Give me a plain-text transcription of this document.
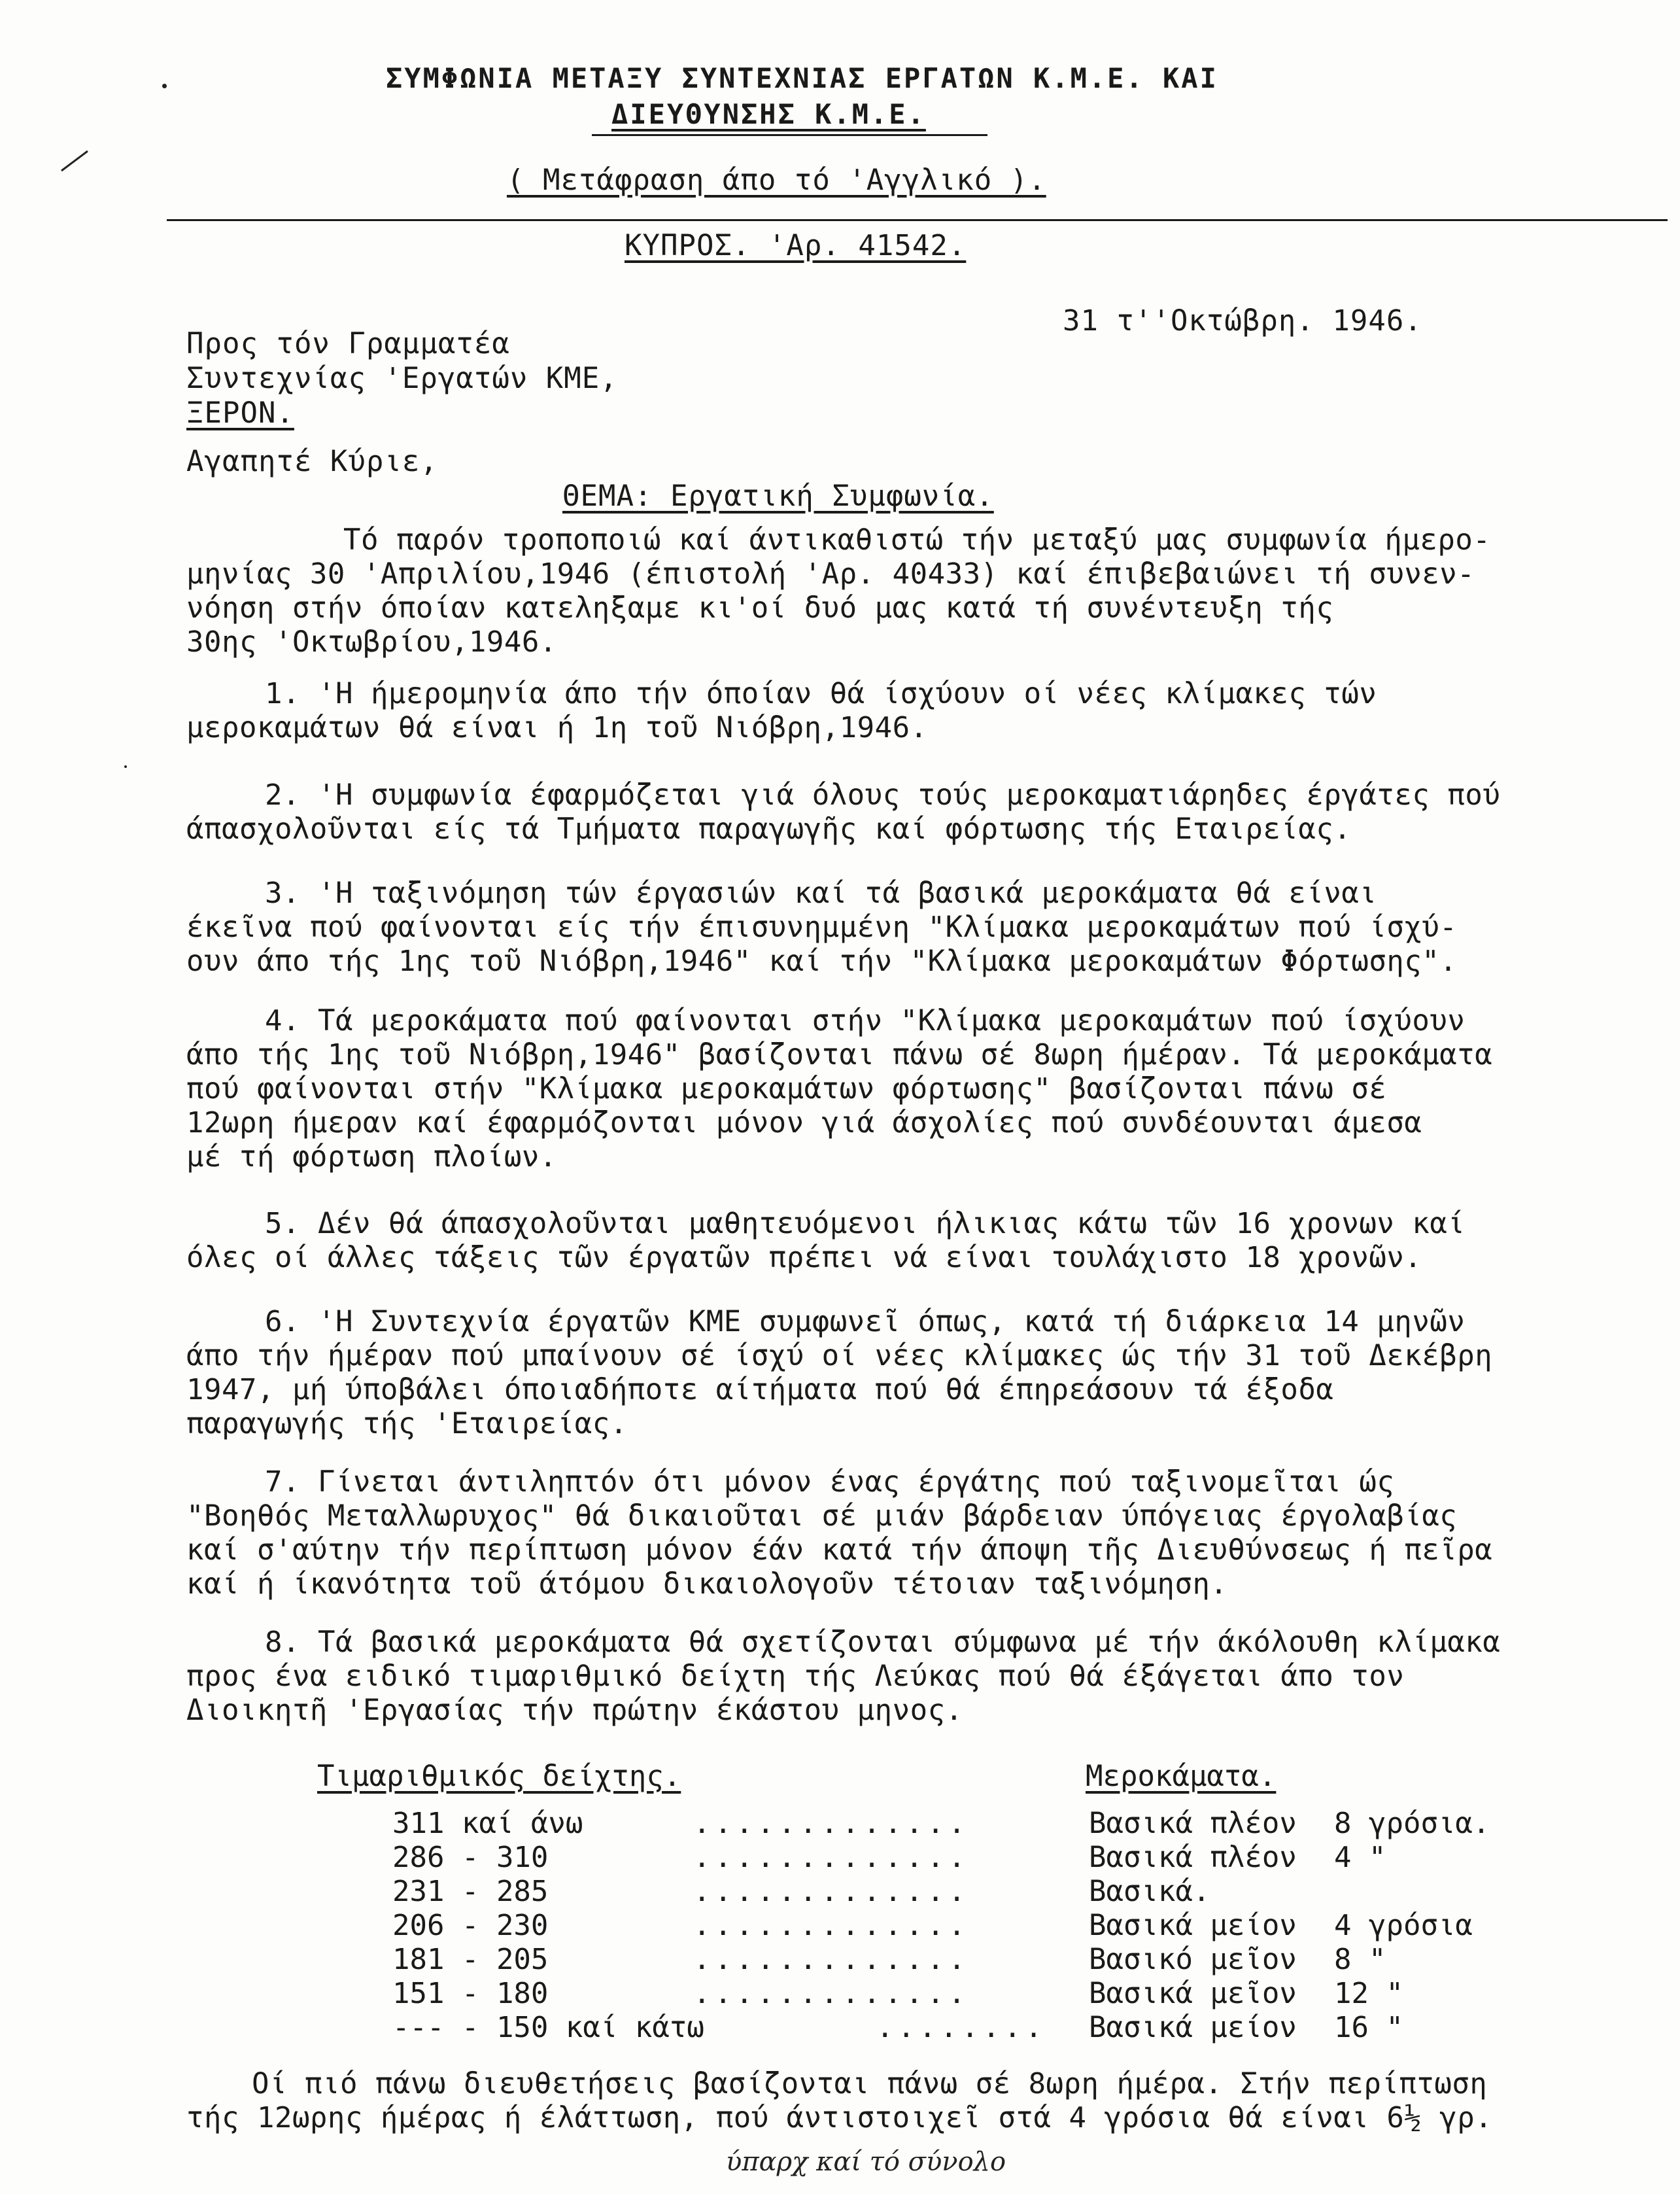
ΣΥΜΦΩΝΙΑ ΜΕΤΑΞΥ ΣΥΝΤΕΧΝΙΑΣ ΕΡΓΑΤΩΝ Κ.Μ.Ε. ΚΑΙ
ΔΙΕΥΘΥΝΣΗΣ Κ.Μ.Ε.
( Μετάφραση άπο τό 'Αγγλικό ).
ΚΥΠΡΟΣ. 'Αρ. 41542.
31 τ''Οκτώβρη. 1946.
Προς τόν Γραμματέα
Συντεχνίας 'Εργατών ΚΜΕ,
ΞΕΡΟΝ.
Αγαπητέ Κύριε,
ΘΕΜΑ: Εργατική Συμφωνία.
Τό παρόν τροποποιώ καί άντικαθιστώ τήν μεταξύ μας συμφωνία ήμερο-
μηνίας 30 'Απριλίου,1946 (έπιστολή 'Αρ. 40433) καί έπιβεβαιώνει τή συνεν-
νόηση στήν όποίαν κατεληξαμε κι'οί δυό μας κατά τή συνέντευξη τής
30ης 'Οκτωβρίου,1946.
1. 'Η ήμερομηνία άπο τήν όποίαν θά ίσχύουν οί νέες κλίμακες τών
μεροκαμάτων θά είναι ή 1η τοῦ Νιόβρη,1946.
2. 'Η συμφωνία έφαρμόζεται γιά όλους τούς μεροκαματιάρηδες έργάτες πού
άπασχολοῦνται είς τά Τμήματα παραγωγῆς καί φόρτωσης τής Εταιρείας.
3. 'Η ταξινόμηση τών έργασιών καί τά βασικά μεροκάματα θά είναι
έκεῖνα πού φαίνονται είς τήν έπισυνημμένη "Κλίμακα μεροκαμάτων πού ίσχύ-
ουν άπο τής 1ης τοῦ Νιόβρη,1946" καί τήν "Κλίμακα μεροκαμάτων Φόρτωσης".
4. Τά μεροκάματα πού φαίνονται στήν "Κλίμακα μεροκαμάτων πού ίσχύουν
άπο τής 1ης τοῦ Νιόβρη,1946" βασίζονται πάνω σέ 8ωρη ήμέραν. Τά μεροκάματα
πού φαίνονται στήν "Κλίμακα μεροκαμάτων φόρτωσης" βασίζονται πάνω σέ
12ωρη ήμεραν καί έφαρμόζονται μόνον γιά άσχολίες πού συνδέουνται άμεσα
μέ τή φόρτωση πλοίων.
5. Δέν θά άπασχολοῦνται μαθητευόμενοι ήλικιας κάτω τῶν 16 χρονων καί
όλες οί άλλες τάξεις τῶν έργατῶν πρέπει νά είναι τουλάχιστο 18 χρονῶν.
6. 'Η Συντεχνία έργατῶν ΚΜΕ συμφωνεῖ όπως, κατά τή διάρκεια 14 μηνῶν
άπο τήν ήμέραν πού μπαίνουν σέ ίσχύ οί νέες κλίμακες ώς τήν 31 τοῦ Δεκέβρη
1947, μή ύποβάλει όποιαδήποτε αίτήματα πού θά έπηρεάσουν τά έξοδα
παραγωγής τής 'Εταιρείας.
7. Γίνεται άντιληπτόν ότι μόνον ένας έργάτης πού ταξινομεῖται ώς
"Βοηθός Μεταλλωρυχος" θά δικαιοῦται σέ μιάν βάρδειαν ύπόγειας έργολαβίας
καί σ'αύτην τήν περίπτωση μόνον έάν κατά τήν άποψη τῆς Διευθύνσεως ή πεῖρα
καί ή ίκανότητα τοῦ άτόμου δικαιολογοῦν τέτοιαν ταξινόμηση.
8. Τά βασικά μεροκάματα θά σχετίζονται σύμφωνα μέ τήν άκόλουθη κλίμακα
προς ένα ειδικό τιμαριθμικό δείχτη τής Λεύκας πού θά έξάγεται άπο τον
Διοικητῆ 'Εργασίας τήν πρώτην έκάστου μηνος.
Τιμαριθμικός δείχτης.	Μεροκάματα.
311 καί άνω	.............	Βασικά πλέον 8 γρόσια.
286 - 310	.............	Βασικά πλέον 4 "
231 - 285	.............	Βασικά.
206 - 230	.............	Βασικά μείον 4 γρόσια
181 - 205	.............	Βασικό μεῖον 8 "
151 - 180	.............	Βασικά μεῖον 12 "
--- - 150 καί κάτω	........ Βασικά μείον 16 "
Οί πιό πάνω διευθετήσεις βασίζονται πάνω σέ 8ωρη ήμέρα. Στήν περίπτωση
τής 12ωρης ήμέρας ή έλάττωση, πού άντιστοιχεῖ στά 4 γρόσια θά είναι 6½ γρ.
ύπαρχ καί τό σύνολο
